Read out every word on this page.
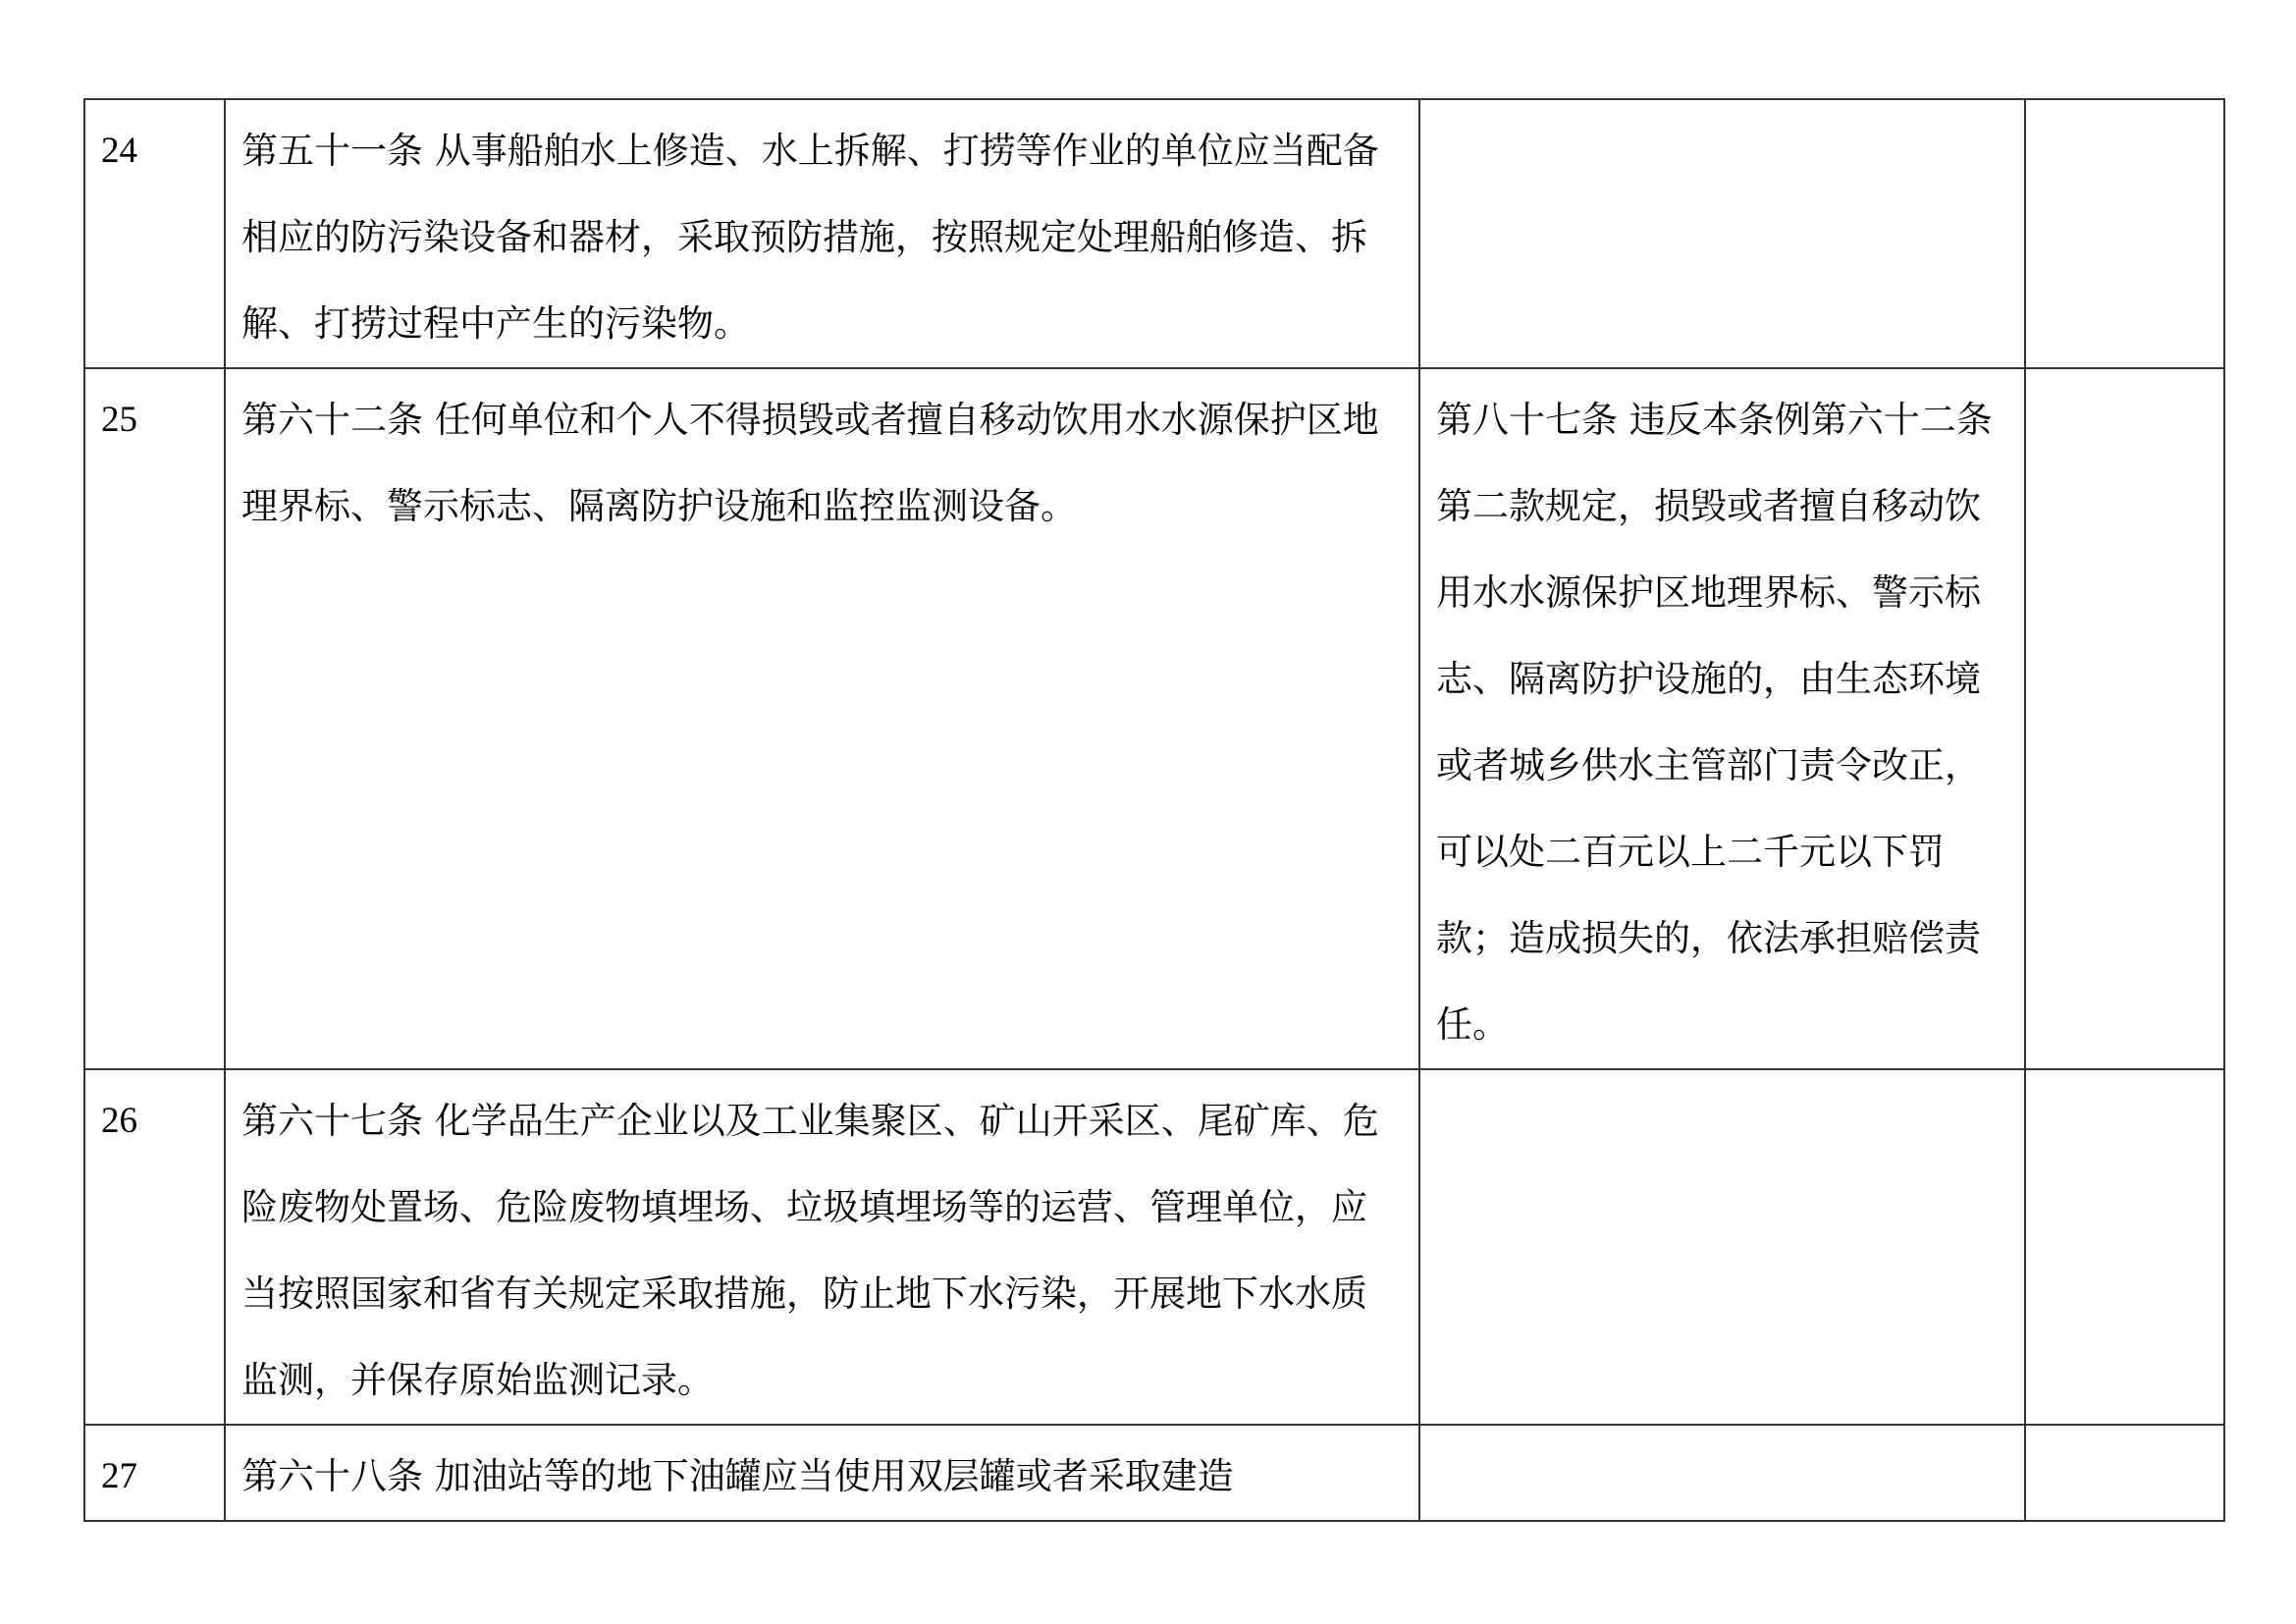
24	第五十一条 从事船舶水上修造、水上拆解、打捞等作业的单位应当配备相应的防污染设备和器材，采取预防措施，按照规定处理船舶修造、拆解、打捞过程中产生的污染物。		
25	第六十二条 任何单位和个人不得损毁或者擅自移动饮用水水源保护区地理界标、警示标志、隔离防护设施和监控监测设备。	第八十七条 违反本条例第六十二条第二款规定，损毁或者擅自移动饮用水水源保护区地理界标、警示标志、隔离防护设施的，由生态环境或者城乡供水主管部门责令改正，可以处二百元以上二千元以下罚款；造成损失的，依法承担赔偿责任。	
26	第六十七条 化学品生产企业以及工业集聚区、矿山开采区、尾矿库、危险废物处置场、危险废物填埋场、垃圾填埋场等的运营、管理单位，应当按照国家和省有关规定采取措施，防止地下水污染，开展地下水水质监测，并保存原始监测记录。		
27	第六十八条 加油站等的地下油罐应当使用双层罐或者采取建造		
